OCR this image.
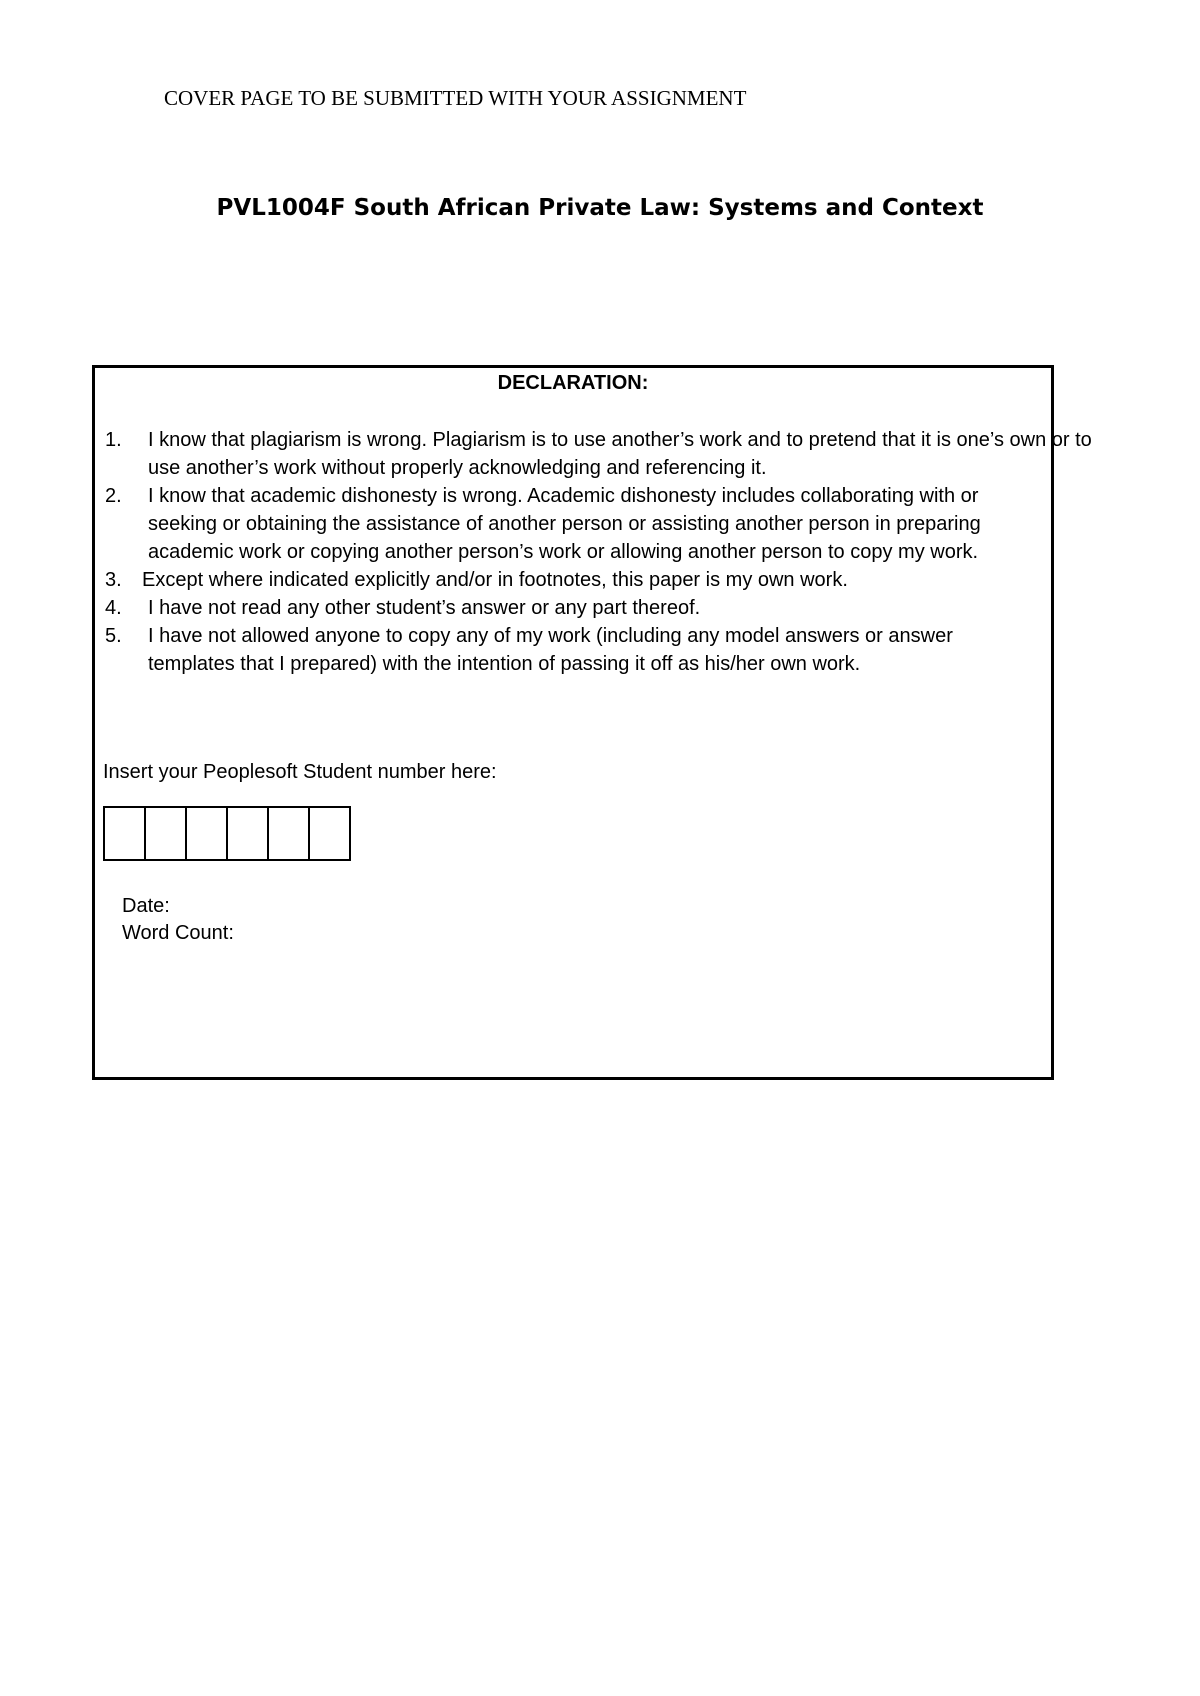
COVER PAGE TO BE SUBMITTED WITH YOUR ASSIGNMENT
PVL1004F South African Private Law: Systems and Context
DECLARATION:
1. I know that plagiarism is wrong. Plagiarism is to use another’s work and to pretend that it is one’s own or to use another’s work without properly acknowledging and referencing it.
2. I know that academic dishonesty is wrong. Academic dishonesty includes collaborating with or seeking or obtaining the assistance of another person or assisting another person in preparing academic work or copying another person’s work or allowing another person to copy my work.
3. Except where indicated explicitly and/or in footnotes, this paper is my own work.
4. I have not read any other student’s answer or any part thereof.
5. I have not allowed anyone to copy any of my work (including any model answers or answer templates that I prepared) with the intention of passing it off as his/her own work.
Insert your Peoplesoft Student number here:
Date:
Word Count:
